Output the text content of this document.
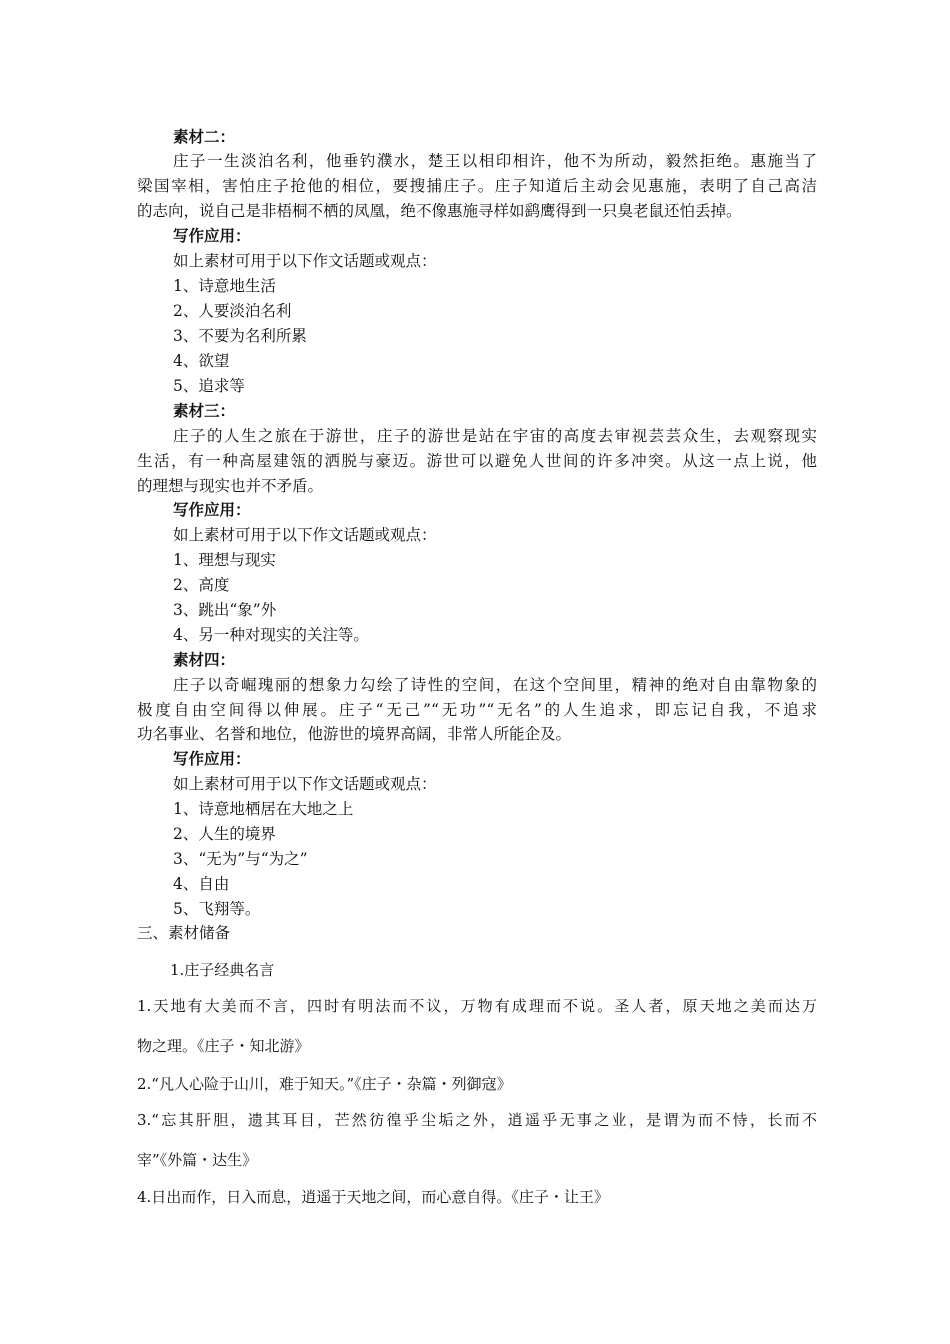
素材二：
庄子一生淡泊名利，他垂钓濮水，楚王以相印相许，他不为所动，毅然拒绝。惠施当了
梁国宰相，害怕庄子抢他的相位，要搜捕庄子。庄子知道后主动会见惠施，表明了自己高洁
的志向，说自己是非梧桐不栖的凤凰，绝不像惠施寻样如鹞鹰得到一只臭老鼠还怕丢掉。
写作应用：
如上素材可用于以下作文话题或观点：
1、诗意地生活
2、人要淡泊名利
3、不要为名利所累
4、欲望
5、追求等
素材三：
庄子的人生之旅在于游世，庄子的游世是站在宇宙的高度去审视芸芸众生，去观察现实
生活，有一种高屋建瓴的洒脱与豪迈。游世可以避免人世间的许多冲突。从这一点上说，他
的理想与现实也并不矛盾。
写作应用：
如上素材可用于以下作文话题或观点：
1、理想与现实
2、高度
3、跳出“象”外
4、另一种对现实的关注等。
素材四：
庄子以奇崛瑰丽的想象力勾绘了诗性的空间，在这个空间里，精神的绝对自由靠物象的
极度自由空间得以伸展。庄子“无己”“无功”“无名”的人生追求，即忘记自我，不追求
功名事业、名誉和地位，他游世的境界高阔，非常人所能企及。
写作应用：
如上素材可用于以下作文话题或观点：
1、诗意地栖居在大地之上
2、人生的境界
3、“无为”与“为之”
4、自由
5、飞翔等。
三、素材储备
1.庄子经典名言
1.天地有大美而不言，四时有明法而不议，万物有成理而不说。圣人者，原天地之美而达万
物之理。《庄子・知北游》
2.“凡人心险于山川，难于知天。”《庄子・杂篇・列御寇》
3.“忘其肝胆，遗其耳目，芒然彷徨乎尘垢之外，逍遥乎无事之业，是谓为而不恃，长而不
宰”《外篇・达生》
4.日出而作，日入而息，逍遥于天地之间，而心意自得。《庄子・让王》
